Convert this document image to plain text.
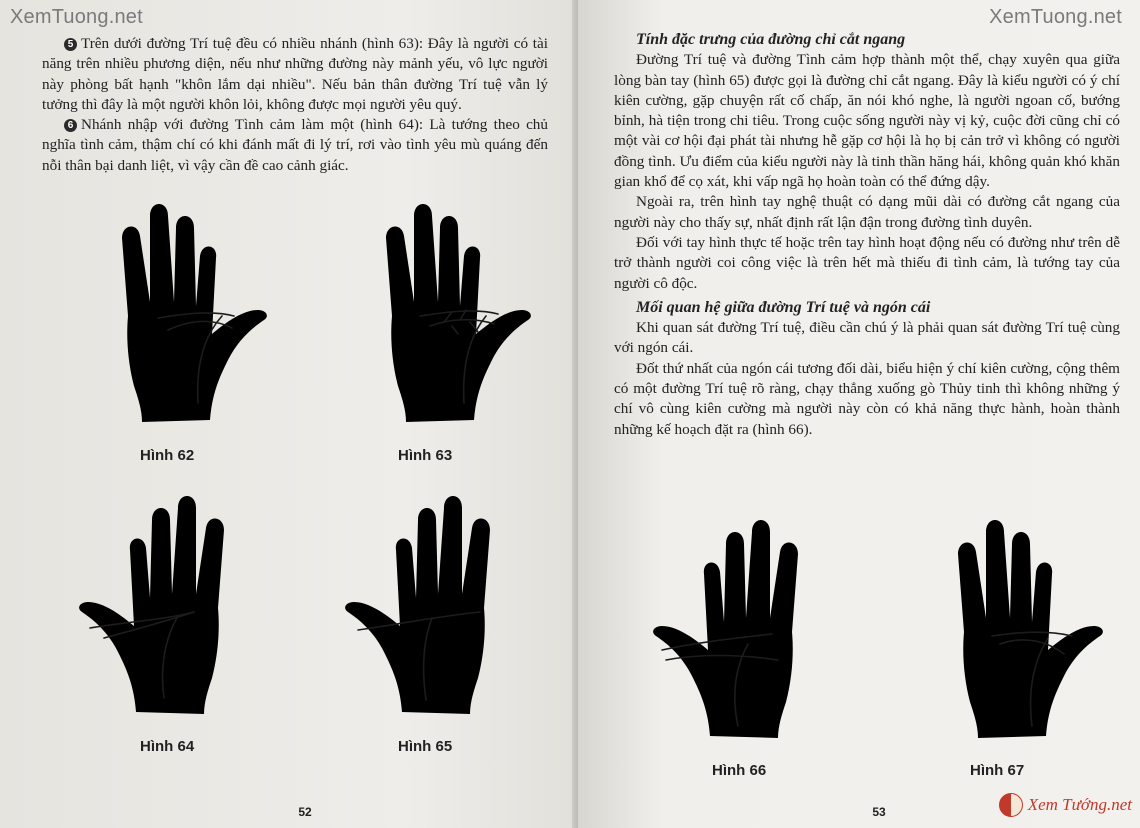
XemTuong.net

5 Trên dưới đường Trí tuệ đều có nhiều nhánh (hình 63): Đây là người có tài năng trên nhiều phương diện, nếu như những đường này mảnh yếu, vô lực người này phòng bất hạnh "khôn lắm dại nhiều". Nếu bản thân đường Trí tuệ vẫn lý tưởng thì đây là một người khôn lỏi, không được mọi người yêu quý.

6 Nhánh nhập với đường Tình cảm làm một (hình 64): Là tướng theo chủ nghĩa tình cảm, thậm chí có khi đánh mất đi lý trí, rơi vào tình yêu mù quáng đến nỗi thân bại danh liệt, vì vậy cần đề cao cảnh giác.

Hình 62	Hình 63
Hình 64	Hình 65
52
XemTuong.net

Tính đặc trưng của đường chỉ cắt ngang

Đường Trí tuệ và đường Tình cảm hợp thành một thể, chạy xuyên qua giữa lòng bàn tay (hình 65) được gọi là đường chỉ cắt ngang. Đây là kiểu người có ý chí kiên cường, gặp chuyện rất cố chấp, ăn nói khó nghe, là người ngoan cố, bướng bỉnh, hà tiện trong chi tiêu. Trong cuộc sống người này vị kỷ, cuộc đời cũng chỉ có một vài cơ hội đại phát tài nhưng hễ gặp cơ hội là họ bị cản trở vì không có người đồng tình. Ưu điểm của kiểu người này là tinh thần hăng hái, không quản khó khăn gian khổ để cọ xát, khi vấp ngã họ hoàn toàn có thể đứng dậy.

Ngoài ra, trên hình tay nghệ thuật có dạng mũi dài có đường cắt ngang của người này cho thấy sự, nhất định rất lận đận trong đường tình duyên.

Đối với tay hình thực tế hoặc trên tay hình hoạt động nếu có đường như trên dễ trở thành người coi công việc là trên hết mà thiếu đi tình cảm, là tướng tay của người cô độc.

Mối quan hệ giữa đường Trí tuệ và ngón cái

Khi quan sát đường Trí tuệ, điều cần chú ý là phải quan sát đường Trí tuệ cùng với ngón cái.

Đốt thứ nhất của ngón cái tương đối dài, biểu hiện ý chí kiên cường, cộng thêm có một đường Trí tuệ rõ ràng, chạy thẳng xuống gò Thủy tinh thì không những ý chí vô cùng kiên cường mà người này còn có khả năng thực hành, hoàn thành những kế hoạch đặt ra (hình 66).

Hình 66	Hình 67
53	Xem Tướng.net
